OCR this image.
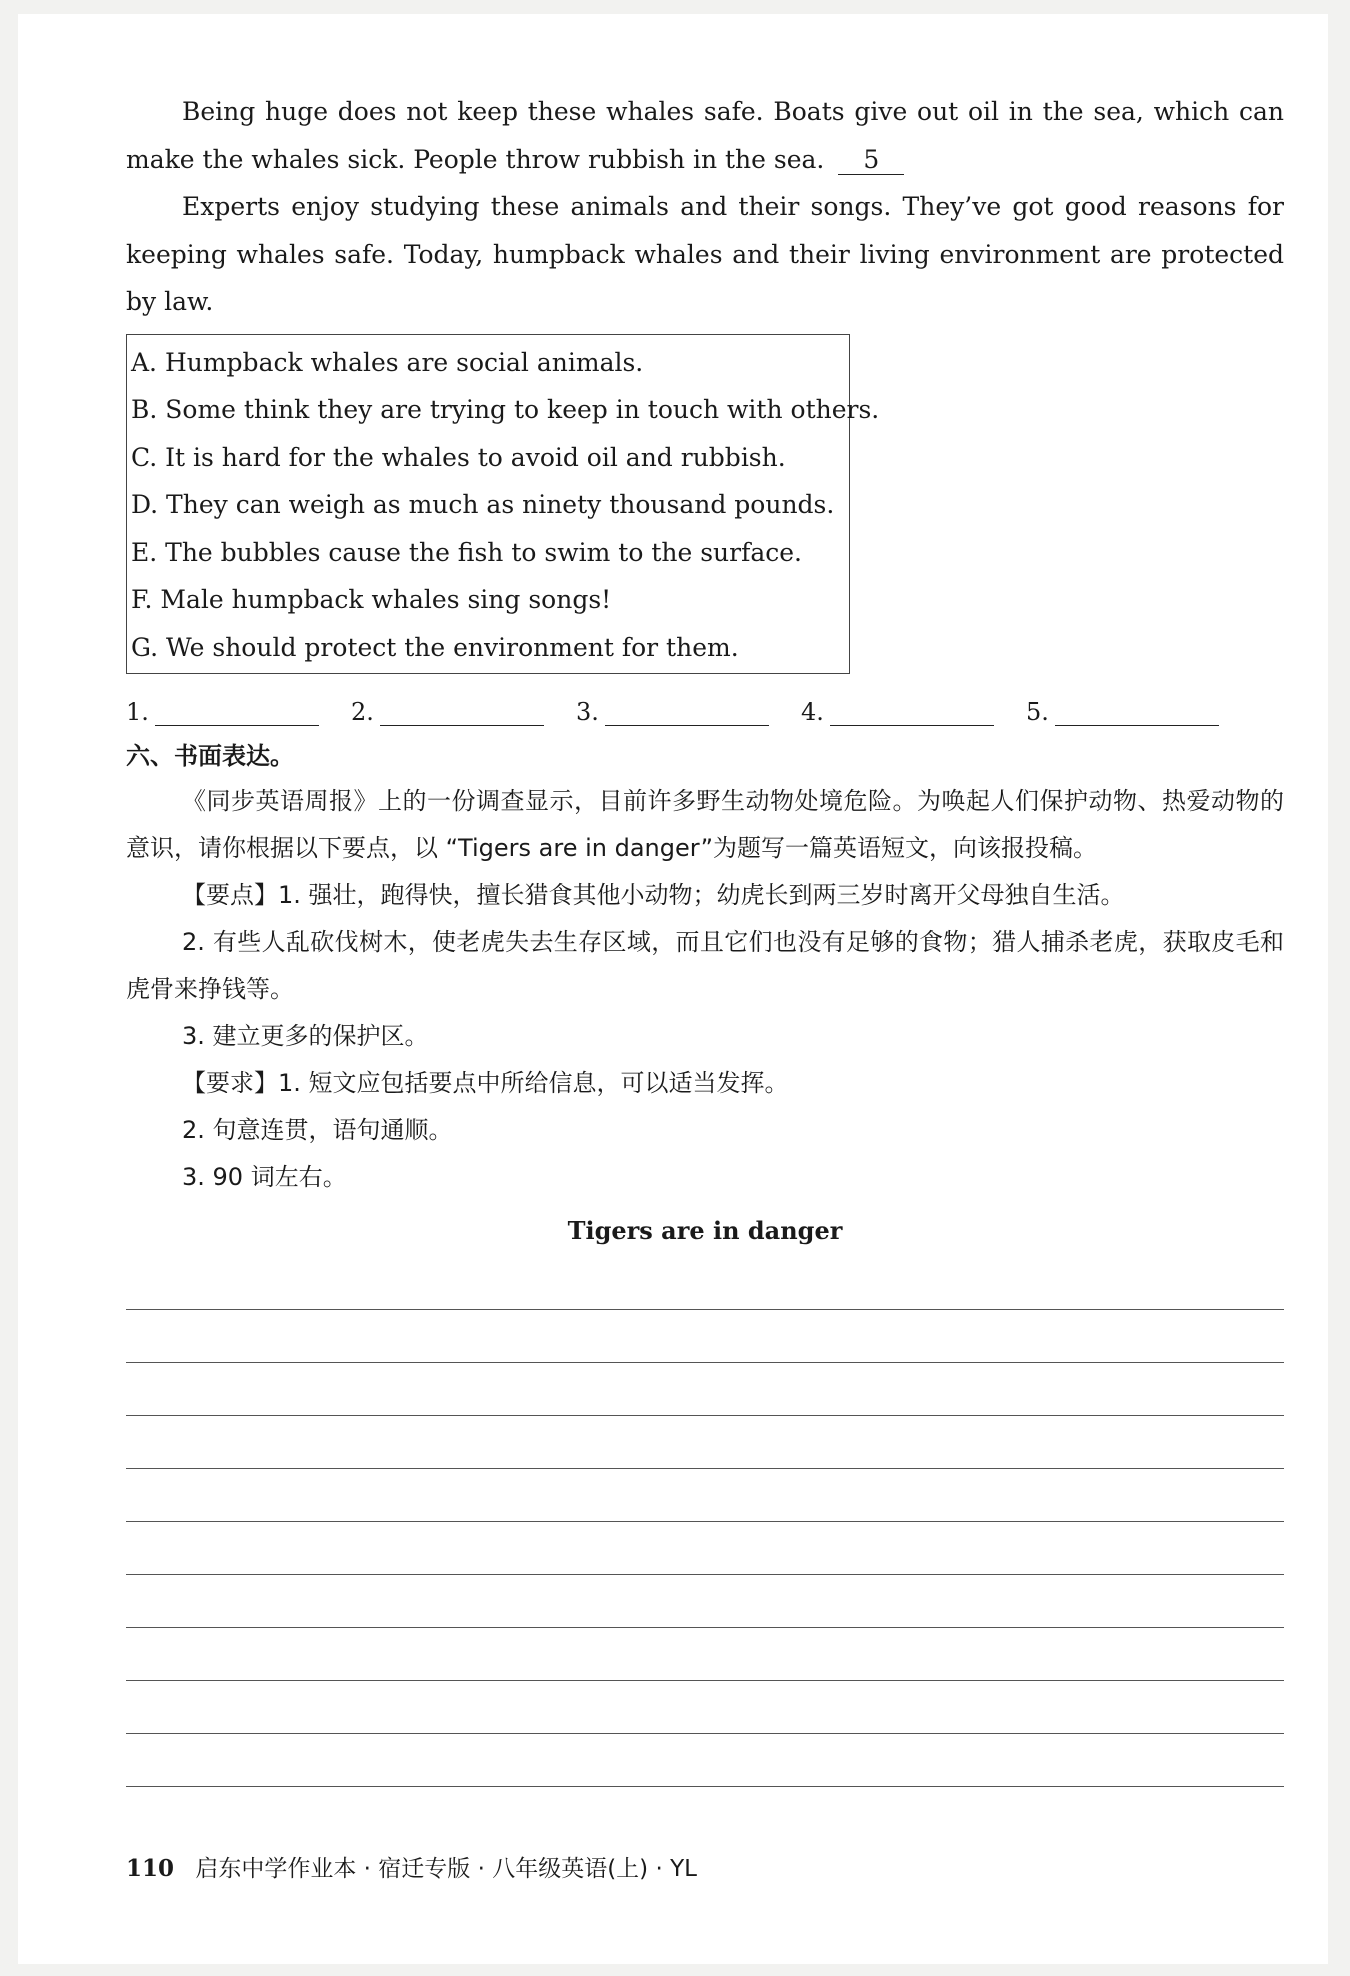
Being huge does not keep these whales safe. Boats give out oil in the sea, which can make the whales sick. People throw rubbish in the sea. 5

Experts enjoy studying these animals and their songs. They’ve got good reasons for keeping whales safe. Today, humpback whales and their living environment are protected by law.

A. Humpback whales are social animals.
B. Some think they are trying to keep in touch with others.
C. It is hard for the whales to avoid oil and rubbish.
D. They can weigh as much as ninety thousand pounds.
E. The bubbles cause the fish to swim to the surface.
F. Male humpback whales sing songs!
G. We should protect the environment for them.
1.	2.	3.	4.	5.
六、书面表达。

《同步英语周报》上的一份调查显示，目前许多野生动物处境危险。为唤起人们保护动物、热爱动物的意识，请你根据以下要点，以 “Tigers are in danger”为题写一篇英语短文，向该报投稿。

【要点】1. 强壮，跑得快，擅长猎食其他小动物；幼虎长到两三岁时离开父母独自生活。

2. 有些人乱砍伐树木，使老虎失去生存区域，而且它们也没有足够的食物；猎人捕杀老虎，获取皮毛和虎骨来挣钱等。

3. 建立更多的保护区。

【要求】1. 短文应包括要点中所给信息，可以适当发挥。

2. 句意连贯，语句通顺。

3. 90 词左右。

Tigers are in danger
110 启东中学作业本 · 宿迁专版 · 八年级英语(上) · YL
